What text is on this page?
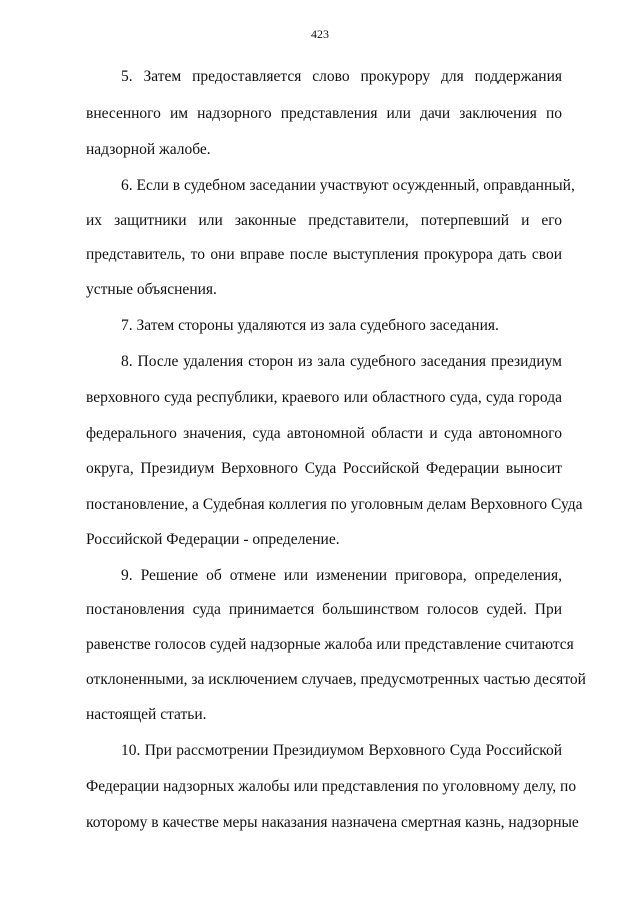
423
5. Затем предоставляется слово прокурору для поддержания
внесенного им надзорного представления или дачи заключения по
надзорной жалобе.
6. Если в судебном заседании участвуют осужденный, оправданный,
их защитники или законные представители, потерпевший и его
представитель, то они вправе после выступления прокурора дать свои
устные объяснения.
7. Затем стороны удаляются из зала судебного заседания.
8. После удаления сторон из зала судебного заседания президиум
верховного суда республики, краевого или областного суда, суда города
федерального значения, суда автономной области и суда автономного
округа, Президиум Верховного Суда Российской Федерации выносит
постановление, а Судебная коллегия по уголовным делам Верховного Суда
Российской Федерации - определение.
9. Решение об отмене или изменении приговора, определения,
постановления суда принимается большинством голосов судей. При
равенстве голосов судей надзорные жалоба или представление считаются
отклоненными, за исключением случаев, предусмотренных частью десятой
настоящей статьи.
10. При рассмотрении Президиумом Верховного Суда Российской
Федерации надзорных жалобы или представления по уголовному делу, по
которому в качестве меры наказания назначена смертная казнь, надзорные
